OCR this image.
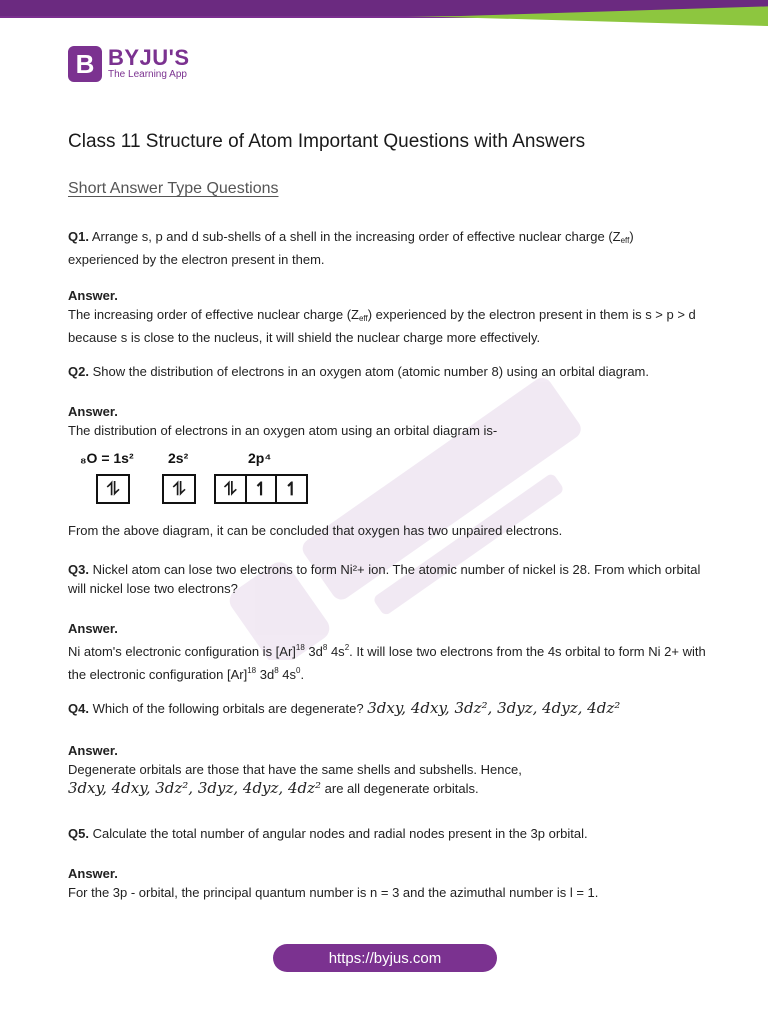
B BYJU'S
The Learning App
Class 11 Structure of Atom Important Questions with Answers
Short Answer Type Questions
Q1. Arrange s, p and d sub-shells of a shell in the increasing order of effective nuclear charge $(Z_{eff})$ experienced by the electron present in them.
Answer.
The increasing order of effective nuclear charge $(Z_{eff})$ experienced by the electron present in them is s > p > d because s is close to the nucleus, it will shield the nuclear charge more effectively.
Q2. Show the distribution of electrons in an oxygen atom (atomic number 8) using an orbital diagram.
Answer.
The distribution of electrons in an oxygen atom using an orbital diagram is-
₈O = 1s² 2s²	2p⁴
⥮	⥮	⥮ ↿ ↿
From the above diagram, it can be concluded that oxygen has two unpaired electrons.
Q3. Nickel atom can lose two electrons to form Ni²+ ion. The atomic number of nickel is 28. From which orbital will nickel lose two electrons?
Answer.
Ni atom's electronic configuration is $[Ar]^{18}$ $3d^8$ $4s^2$. It will lose two electrons from the 4s orbital to form Ni 2+ with the electronic configuration $[Ar]^{18}$ $3d^8$ $4s^0$.
Q4. Which of the following orbitals are degenerate? 3dxy, 4dxy, 3dz², 3dyz, 4dyz, 4dz²
Answer.
Degenerate orbitals are those that have the same shells and subshells. Hence,
3dxy, 4dxy, 3dz², 3dyz, 4dyz, 4dz² are all degenerate orbitals.
Q5. Calculate the total number of angular nodes and radial nodes present in the 3p orbital.
Answer.
For the 3p - orbital, the principal quantum number is n = 3 and the azimuthal number is l = 1.
https://byjus.com
